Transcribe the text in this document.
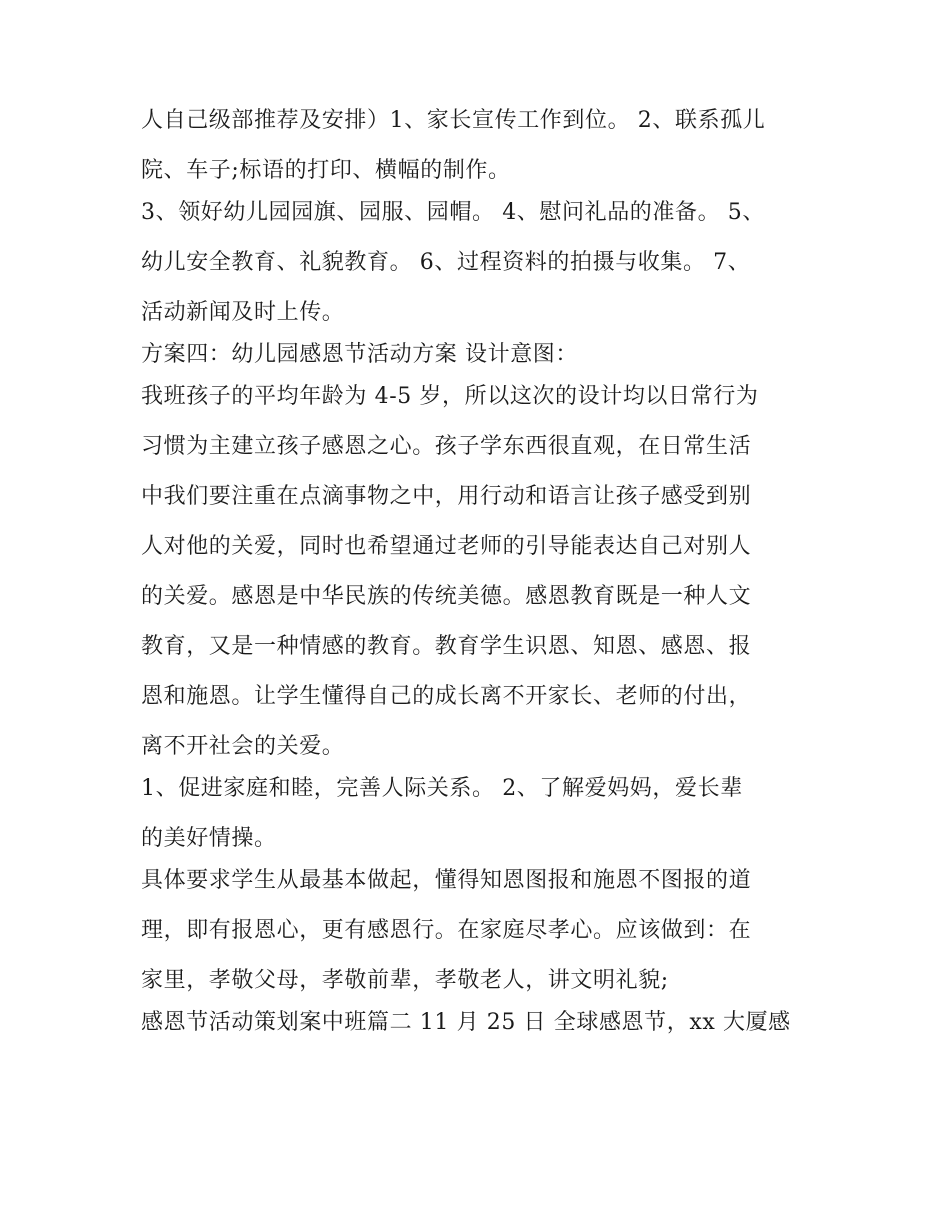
人自己级部推荐及安排）1、家长宣传工作到位。 2、联系孤儿
院、车子;标语的打印、横幅的制作。
3、领好幼儿园园旗、园服、园帽。 4、慰问礼品的准备。 5、
幼儿安全教育、礼貌教育。 6、过程资料的拍摄与收集。 7、
活动新闻及时上传。
方案四：幼儿园感恩节活动方案 设计意图：
我班孩子的平均年龄为 4-5 岁，所以这次的设计均以日常行为
习惯为主建立孩子感恩之心。孩子学东西很直观，在日常生活
中我们要注重在点滴事物之中，用行动和语言让孩子感受到别
人对他的关爱，同时也希望通过老师的引导能表达自己对别人
的关爱。感恩是中华民族的传统美德。感恩教育既是一种人文
教育，又是一种情感的教育。教育学生识恩、知恩、感恩、报
恩和施恩。让学生懂得自己的成长离不开家长、老师的付出，
离不开社会的关爱。
1、促进家庭和睦，完善人际关系。 2、了解爱妈妈，爱长辈
的美好情操。
具体要求学生从最基本做起，懂得知恩图报和施恩不图报的道
理，即有报恩心，更有感恩行。在家庭尽孝心。应该做到：在
家里，孝敬父母，孝敬前辈，孝敬老人，讲文明礼貌;
感恩节活动策划案中班篇二 11 月 25 日 全球感恩节，xx 大厦感
